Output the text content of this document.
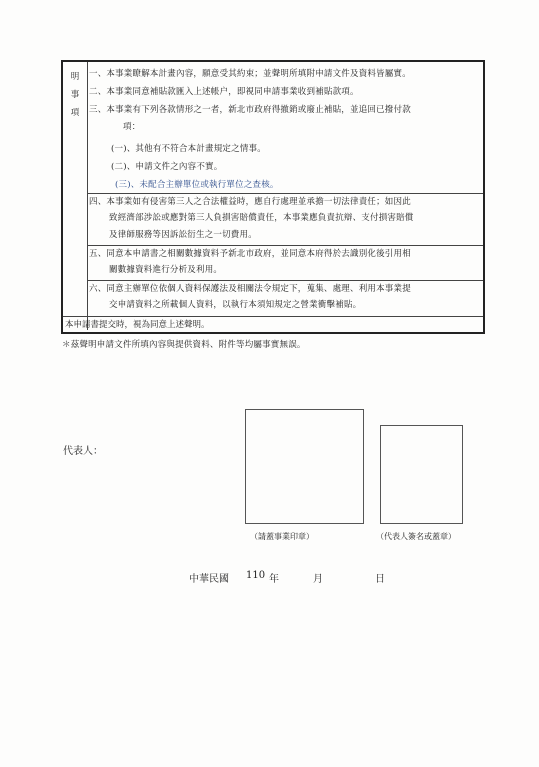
明
事
項
一、本事業瞭解本計畫內容，願意受其約束；並聲明所填附申請文件及資料皆屬實。
二、本事業同意補貼款匯入上述帳户，即視同申請事業收到補貼款項。
三、本事業有下列各款情形之一者，新北市政府得撤銷或廢止補貼，並追回已撥付款
項：
(一)、其他有不符合本計畫規定之情事。
(二)、申請文件之內容不實。
(三)、未配合主辦單位或執行單位之查核。
四、本事業如有侵害第三人之合法權益時，應自行處理並承擔一切法律責任；如因此
致經濟部涉訟或應對第三人負損害賠償責任，本事業應負責抗辯、支付損害賠償
及律師服務等因訴訟衍生之一切費用。
五、同意本申請書之相關數據資料予新北市政府，並同意本府得於去識別化後引用相
關數據資料進行分析及利用。
六、同意主辦單位依個人資料保護法及相關法令規定下，蒐集、處理、利用本事業提
交申請資料之所載個人資料，以執行本須知規定之營業衝擊補貼。
本申請書提交時，視為同意上述聲明。
＊茲聲明申請文件所填內容與提供資料、附件等均屬事實無誤。
代表人：
（請蓋事業印章）	（代表人簽名或蓋章）
中華民國 110 年	月	日
